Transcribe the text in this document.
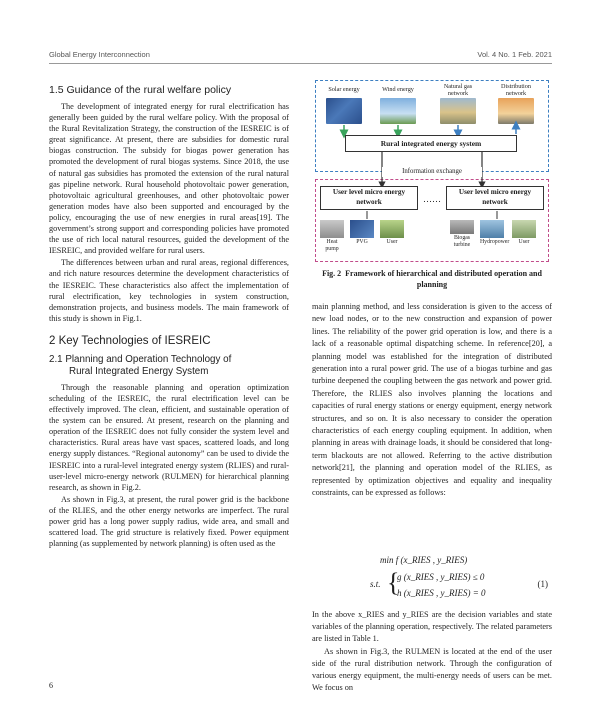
Global Energy Interconnection	Vol. 4 No. 1 Feb. 2021
1.5 Guidance of the rural welfare policy

The development of integrated energy for rural electrification has generally been guided by the rural welfare policy. With the proposal of the Rural Revitalization Strategy, the construction of the IESREIC is of great significance. At present, there are subsidies for domestic rural biogas construction. The subsidy for biogas power generation has promoted the development of rural biogas systems. Since 2018, the use of natural gas subsidies has promoted the extension of the rural natural gas pipeline network. Rural household photovoltaic power generation, photovoltaic agricultural greenhouses, and other photovoltaic power generation modes have also been supported and encouraged by the policy, encouraging the use of new energies in rural areas[19]. The government’s strong support and corresponding policies have promoted the use of rich local natural resources, guided the development of the IESREIC, and provided welfare for rural users.

The differences between urban and rural areas, regional differences, and rich nature resources determine the development characteristics of the IESREIC. These characteristics also affect the implementation of rural electrification, key technologies in system construction, demonstration projects, and business models. The main framework of this study is shown in Fig.1.

2 Key Technologies of IESREIC
2.1 Planning and Operation Technology of
Rural Integrated Energy System

Through the reasonable planning and operation optimization scheduling of the IESREIC, the rural electrification level can be effectively improved. The clean, efficient, and sustainable operation of the system can be ensured. At present, research on the planning and operation of the IESREIC does not fully consider the system level and characteristics. Rural areas have vast spaces, scattered loads, and long energy supply distances. “Regional autonomy” can be used to divide the IESREIC into a rural-level integrated energy system (RLIES) and rural-user-level micro-energy network (RULMEN) for hierarchical planning research, as shown in Fig.2.

As shown in Fig.3, at present, the rural power grid is the backbone of the RLIES, and the other energy networks are imperfect. The rural power grid has a long power supply radius, wide area, and small and scattered load. The grid structure is relatively fixed. Power equipment planning (as supplemented by network planning) is often used as the

Solar energy	Wind energy	Natural gas network
Distribution network
Rural integrated energy system
Information exchange
User level micro energy network	……
User level micro energy network
Heat pump
PVG	User
Biogas turbine	Hydropower	User
Fig. 2 Framework of hierarchical and distributed operation and planning

main planning method, and less consideration is given to the access of new load nodes, or to the new construction and expansion of power lines. The reliability of the power grid operation is low, and there is a lack of a reasonable optimal dispatching scheme. In reference[20], a planning model was established for the integration of distributed generation into a rural power grid. The use of a biogas turbine and gas turbine deepened the coupling between the gas network and power grid. Therefore, the RLIES also involves planning the locations and capacities of rural energy stations or energy equipment, energy network structures, and so on. It is also necessary to consider the operation characteristics of each energy coupling equipment. In addition, when planning in areas with drainage loads, it should be considered that long-term blackouts are not allowed. Referring to the active distribution network[21], the planning and operation model of the RLIES, as represented by optimization objectives and equality and inequality constraints, can be expressed as follows:

min f (x_RIES , y_RIES)
s.t. {
g (x_RIES , y_RIES) ≤ 0
h (x_RIES , y_RIES) = 0
(1)

In the above x_RIES and y_RIES are the decision variables and state variables of the planning operation, respectively. The related parameters are listed in Table 1.

As shown in Fig.3, the RULMEN is located at the end of the user side of the rural distribution network. Through the configuration of various energy equipment, the multi-energy needs of users can be met. We focus on

6
